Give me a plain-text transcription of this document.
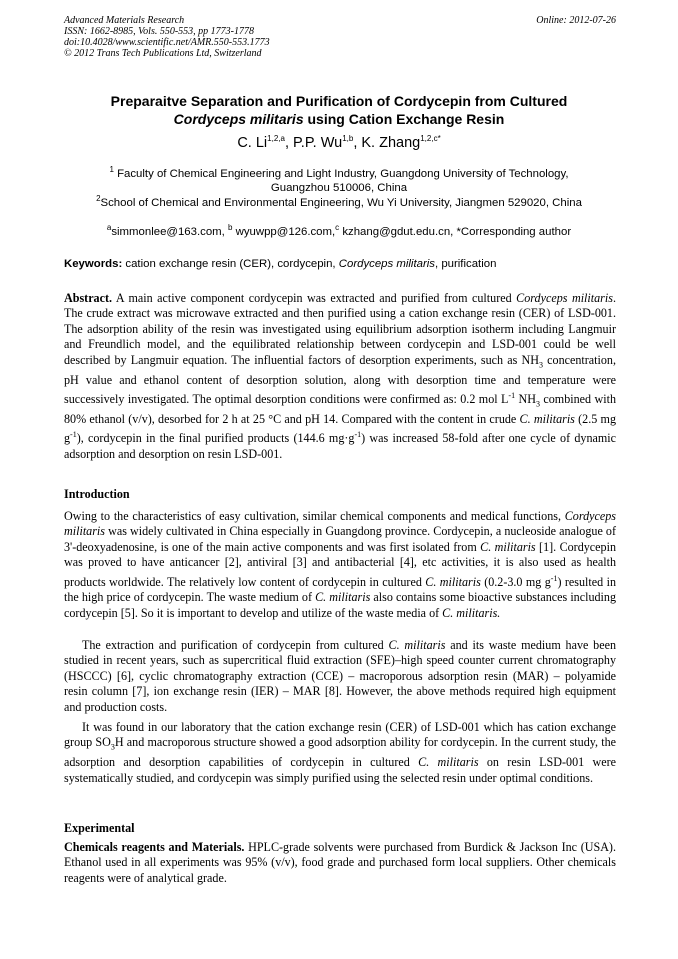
Advanced Materials Research
ISSN: 1662-8985, Vols. 550-553, pp 1773-1778
doi:10.4028/www.scientific.net/AMR.550-553.1773
© 2012 Trans Tech Publications Ltd, Switzerland
Online: 2012-07-26
Preparaitve Separation and Purification of Cordycepin from Cultured
Cordyceps militaris using Cation Exchange Resin
C. Li$^{1,2,a}$, P.P. Wu$^{1,b}$, K. Zhang$^{1,2,c*}$
$^1$ Faculty of Chemical Engineering and Light Industry, Guangdong University of Technology,
Guangzhou 510006, China
$^2$School of Chemical and Environmental Engineering, Wu Yi University, Jiangmen 529020, China
$^a$simmonlee@163.com, $^b$ wyuwpp@126.com,$^c$ kzhang@gdut.edu.cn, *Corresponding author
Keywords: cation exchange resin (CER), cordycepin, Cordyceps militaris, purification
Abstract. A main active component cordycepin was extracted and purified from cultured Cordyceps militaris. The crude extract was microwave extracted and then purified using a cation exchange resin (CER) of LSD-001. The adsorption ability of the resin was investigated using equilibrium adsorption isotherm including Langmuir and Freundlich model, and the equilibrated relationship between cordycepin and LSD-001 could be well described by Langmuir equation. The influential factors of desorption experiments, such as $NH_3$ concentration, pH value and ethanol content of desorption solution, along with desorption time and temperature were successively investigated. The optimal desorption conditions were confirmed as: 0.2 mol $L^{-1}$ $NH_3$ combined with 80% ethanol (v/v), desorbed for 2 h at 25 °C and pH 14. Compared with the content in crude C. militaris (2.5 mg $g^{-1}$), cordycepin in the final purified products (144.6 $mg\cdot g^{-1}$) was increased 58-fold after one cycle of dynamic adsorption and desorption on resin LSD-001.
Introduction
Owing to the characteristics of easy cultivation, similar chemical components and medical functions, Cordyceps militaris was widely cultivated in China especially in Guangdong province. Cordycepin, a nucleoside analogue of 3'-deoxyadenosine, is one of the main active components and was first isolated from C. militaris [1]. Cordycepin was proved to have anticancer [2], antiviral [3] and antibacterial [4], etc activities, it is also used as health products worldwide. The relatively low content of cordycepin in cultured C. militaris (0.2-3.0 mg $g^{-1}$) resulted in the high price of cordycepin. The waste medium of C. militaris also contains some bioactive substances including cordycepin [5]. So it is important to develop and utilize of the waste media of C. militaris.
The extraction and purification of cordycepin from cultured C. militaris and its waste medium have been studied in recent years, such as supercritical fluid extraction (SFE)–high speed counter current chromatography (HSCCC) [6], cyclic chromatography extraction (CCE) – macroporous adsorption resin (MAR) – polyamide resin column [7], ion exchange resin (IER) – MAR [8]. However, the above methods required high equipment and production costs.
It was found in our laboratory that the cation exchange resin (CER) of LSD-001 which has cation exchange group $SO_3H$ and macroporous structure showed a good adsorption ability for cordycepin. In the current study, the adsorption and desorption capabilities of cordycepin in cultured C. militaris on resin LSD-001 were systematically studied, and cordycepin was simply purified using the selected resin under optimal conditions.
Experimental
Chemicals reagents and Materials. HPLC-grade solvents were purchased from Burdick & Jackson Inc (USA). Ethanol used in all experiments was 95% (v/v), food grade and purchased form local suppliers. Other chemicals reagents were of analytical grade.
